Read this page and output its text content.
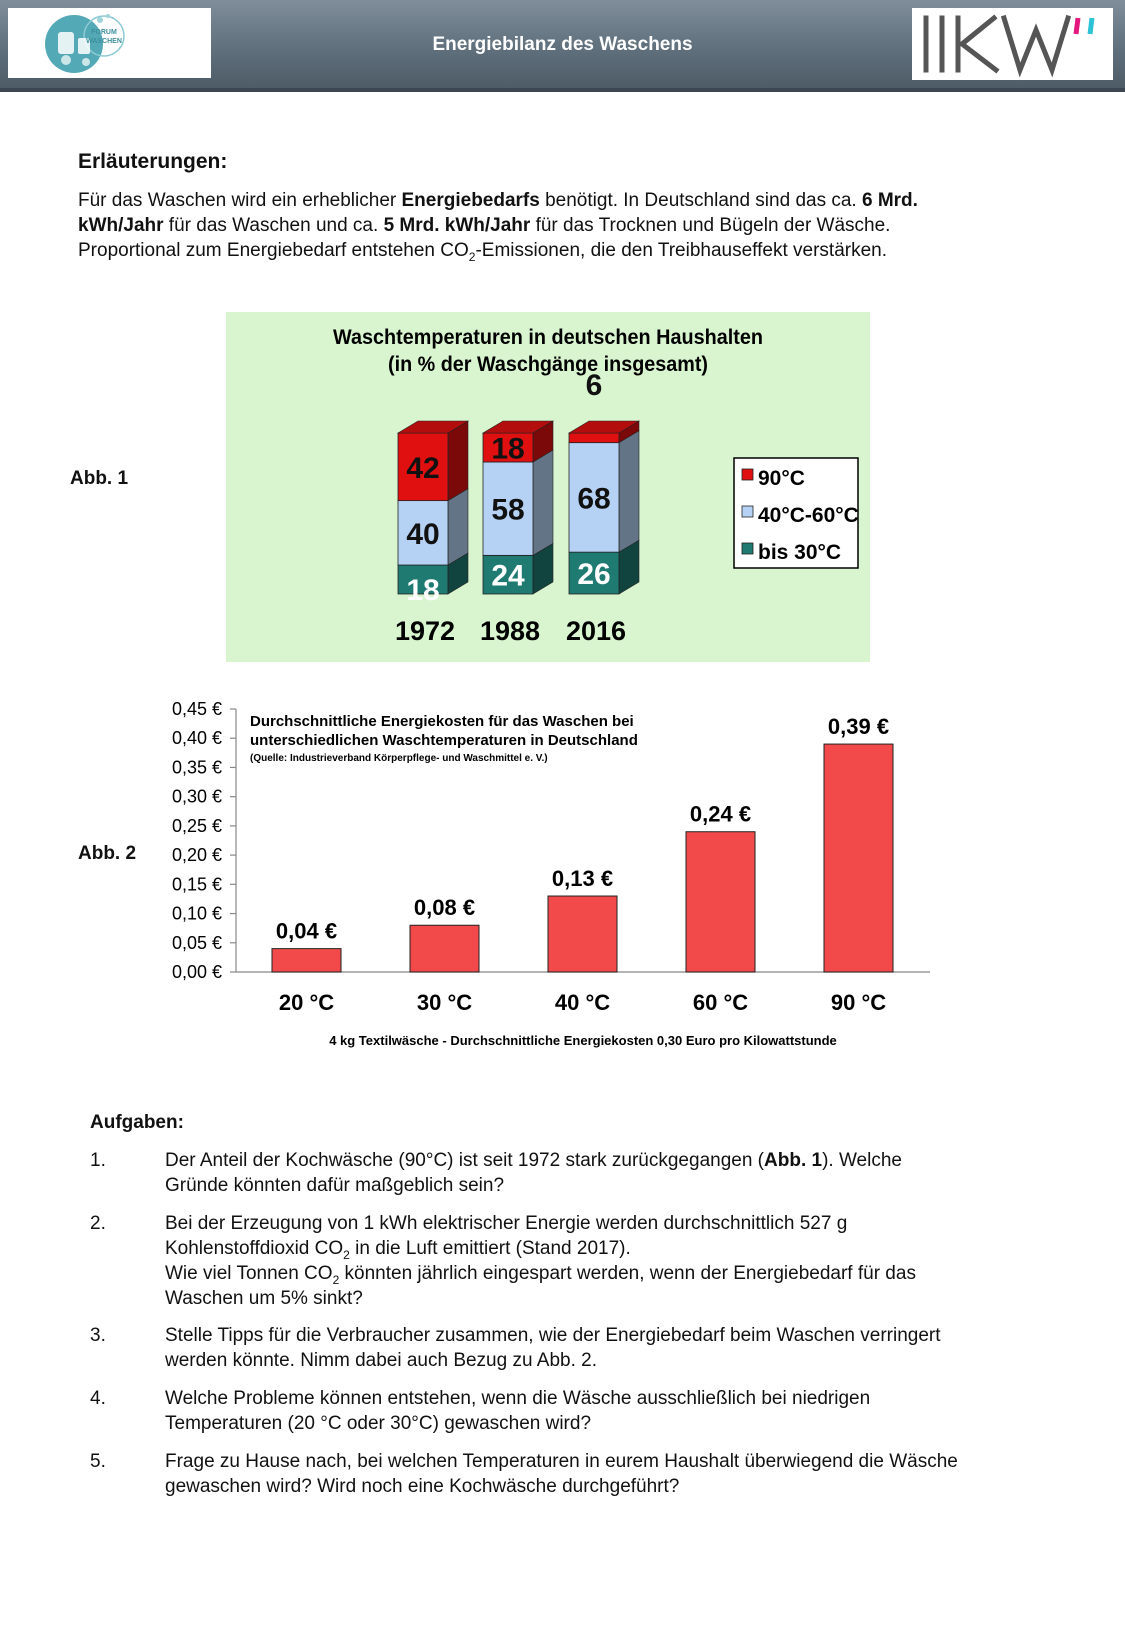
FORUM
WASCHEN	Energiebilanz des Waschens
Erläuterungen:
Für das Waschen wird ein erheblicher Energiebedarfs benötigt. In Deutschland sind das ca. 6 Mrd.
kWh/Jahr für das Waschen und ca. 5 Mrd. kWh/Jahr für das Trocknen und Bügeln der Wäsche.
Proportional zum Energiebedarf entstehen $CO_2$-Emissionen, die den Treibhauseffekt verstärken.
Abb. 1
Waschtemperaturen in deutschen Haushalten
(in % der Waschgänge insgesamt)
18
40
42
1972
24
58
18
1988
26
68
6
2016
90°C
40°C-60°C
bis 30°C
Abb. 2
0,00 €
0,05 €
0,10 €
0,15 €
0,20 €
0,25 €
0,30 €
0,35 €
0,40 €
0,45 €
Durchschnittliche Energiekosten für das Waschen bei
unterschiedlichen Waschtemperaturen in Deutschland
(Quelle: Industrieverband Körperpflege- und Waschmittel e. V.)
0,04 €
20 °C
0,08 €
30 °C
0,13 €
40 °C
0,24 €
60 °C
0,39 €
90 °C
4 kg Textilwäsche - Durchschnittliche Energiekosten 0,30 Euro pro Kilowattstunde
Aufgaben:
1.	Der Anteil der Kochwäsche (90°C) ist seit 1972 stark zurückgegangen (Abb. 1). Welche
Gründe könnten dafür maßgeblich sein?
2.	Bei der Erzeugung von 1 kWh elektrischer Energie werden durchschnittlich 527 g
Kohlenstoffdioxid $CO_2$ in die Luft emittiert (Stand 2017).
Wie viel Tonnen $CO_2$ könnten jährlich eingespart werden, wenn der Energiebedarf für das
Waschen um 5% sinkt?
3.	Stelle Tipps für die Verbraucher zusammen, wie der Energiebedarf beim Waschen verringert
werden könnte. Nimm dabei auch Bezug zu Abb. 2.
4.	Welche Probleme können entstehen, wenn die Wäsche ausschließlich bei niedrigen
Temperaturen (20 °C oder 30°C) gewaschen wird?
5.	Frage zu Hause nach, bei welchen Temperaturen in eurem Haushalt überwiegend die Wäsche
gewaschen wird? Wird noch eine Kochwäsche durchgeführt?
